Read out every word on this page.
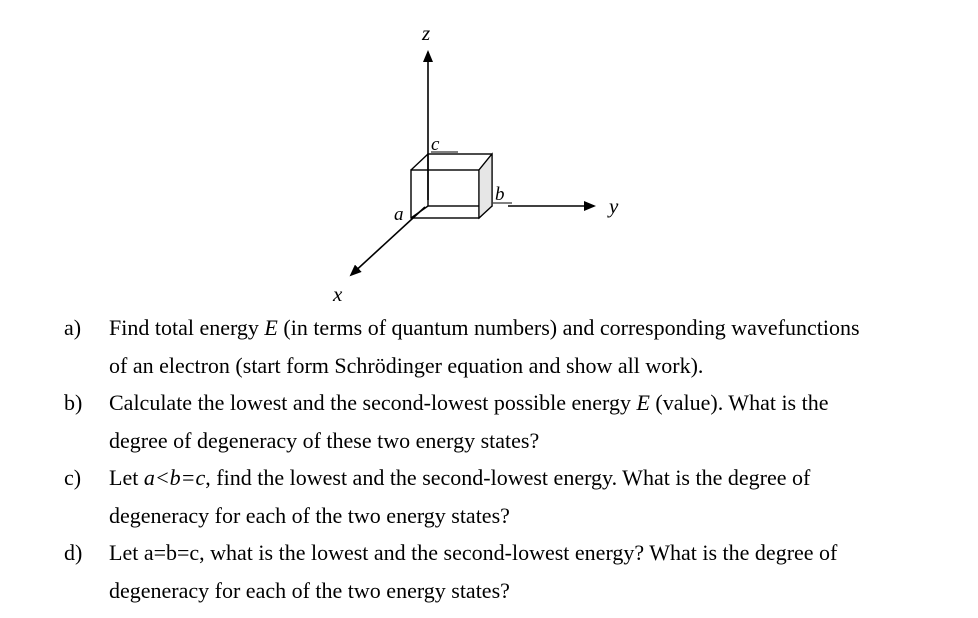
z
y
x
c
b
a
a) Find total energy E (in terms of quantum numbers) and corresponding wavefunctions
of an electron (start form Schrödinger equation and show all work).
b) Calculate the lowest and the second-lowest possible energy E (value). What is the
degree of degeneracy of these two energy states?
c) Let a<b=c, find the lowest and the second-lowest energy. What is the degree of
degeneracy for each of the two energy states?
d) Let a=b=c, what is the lowest and the second-lowest energy? What is the degree of
degeneracy for each of the two energy states?
